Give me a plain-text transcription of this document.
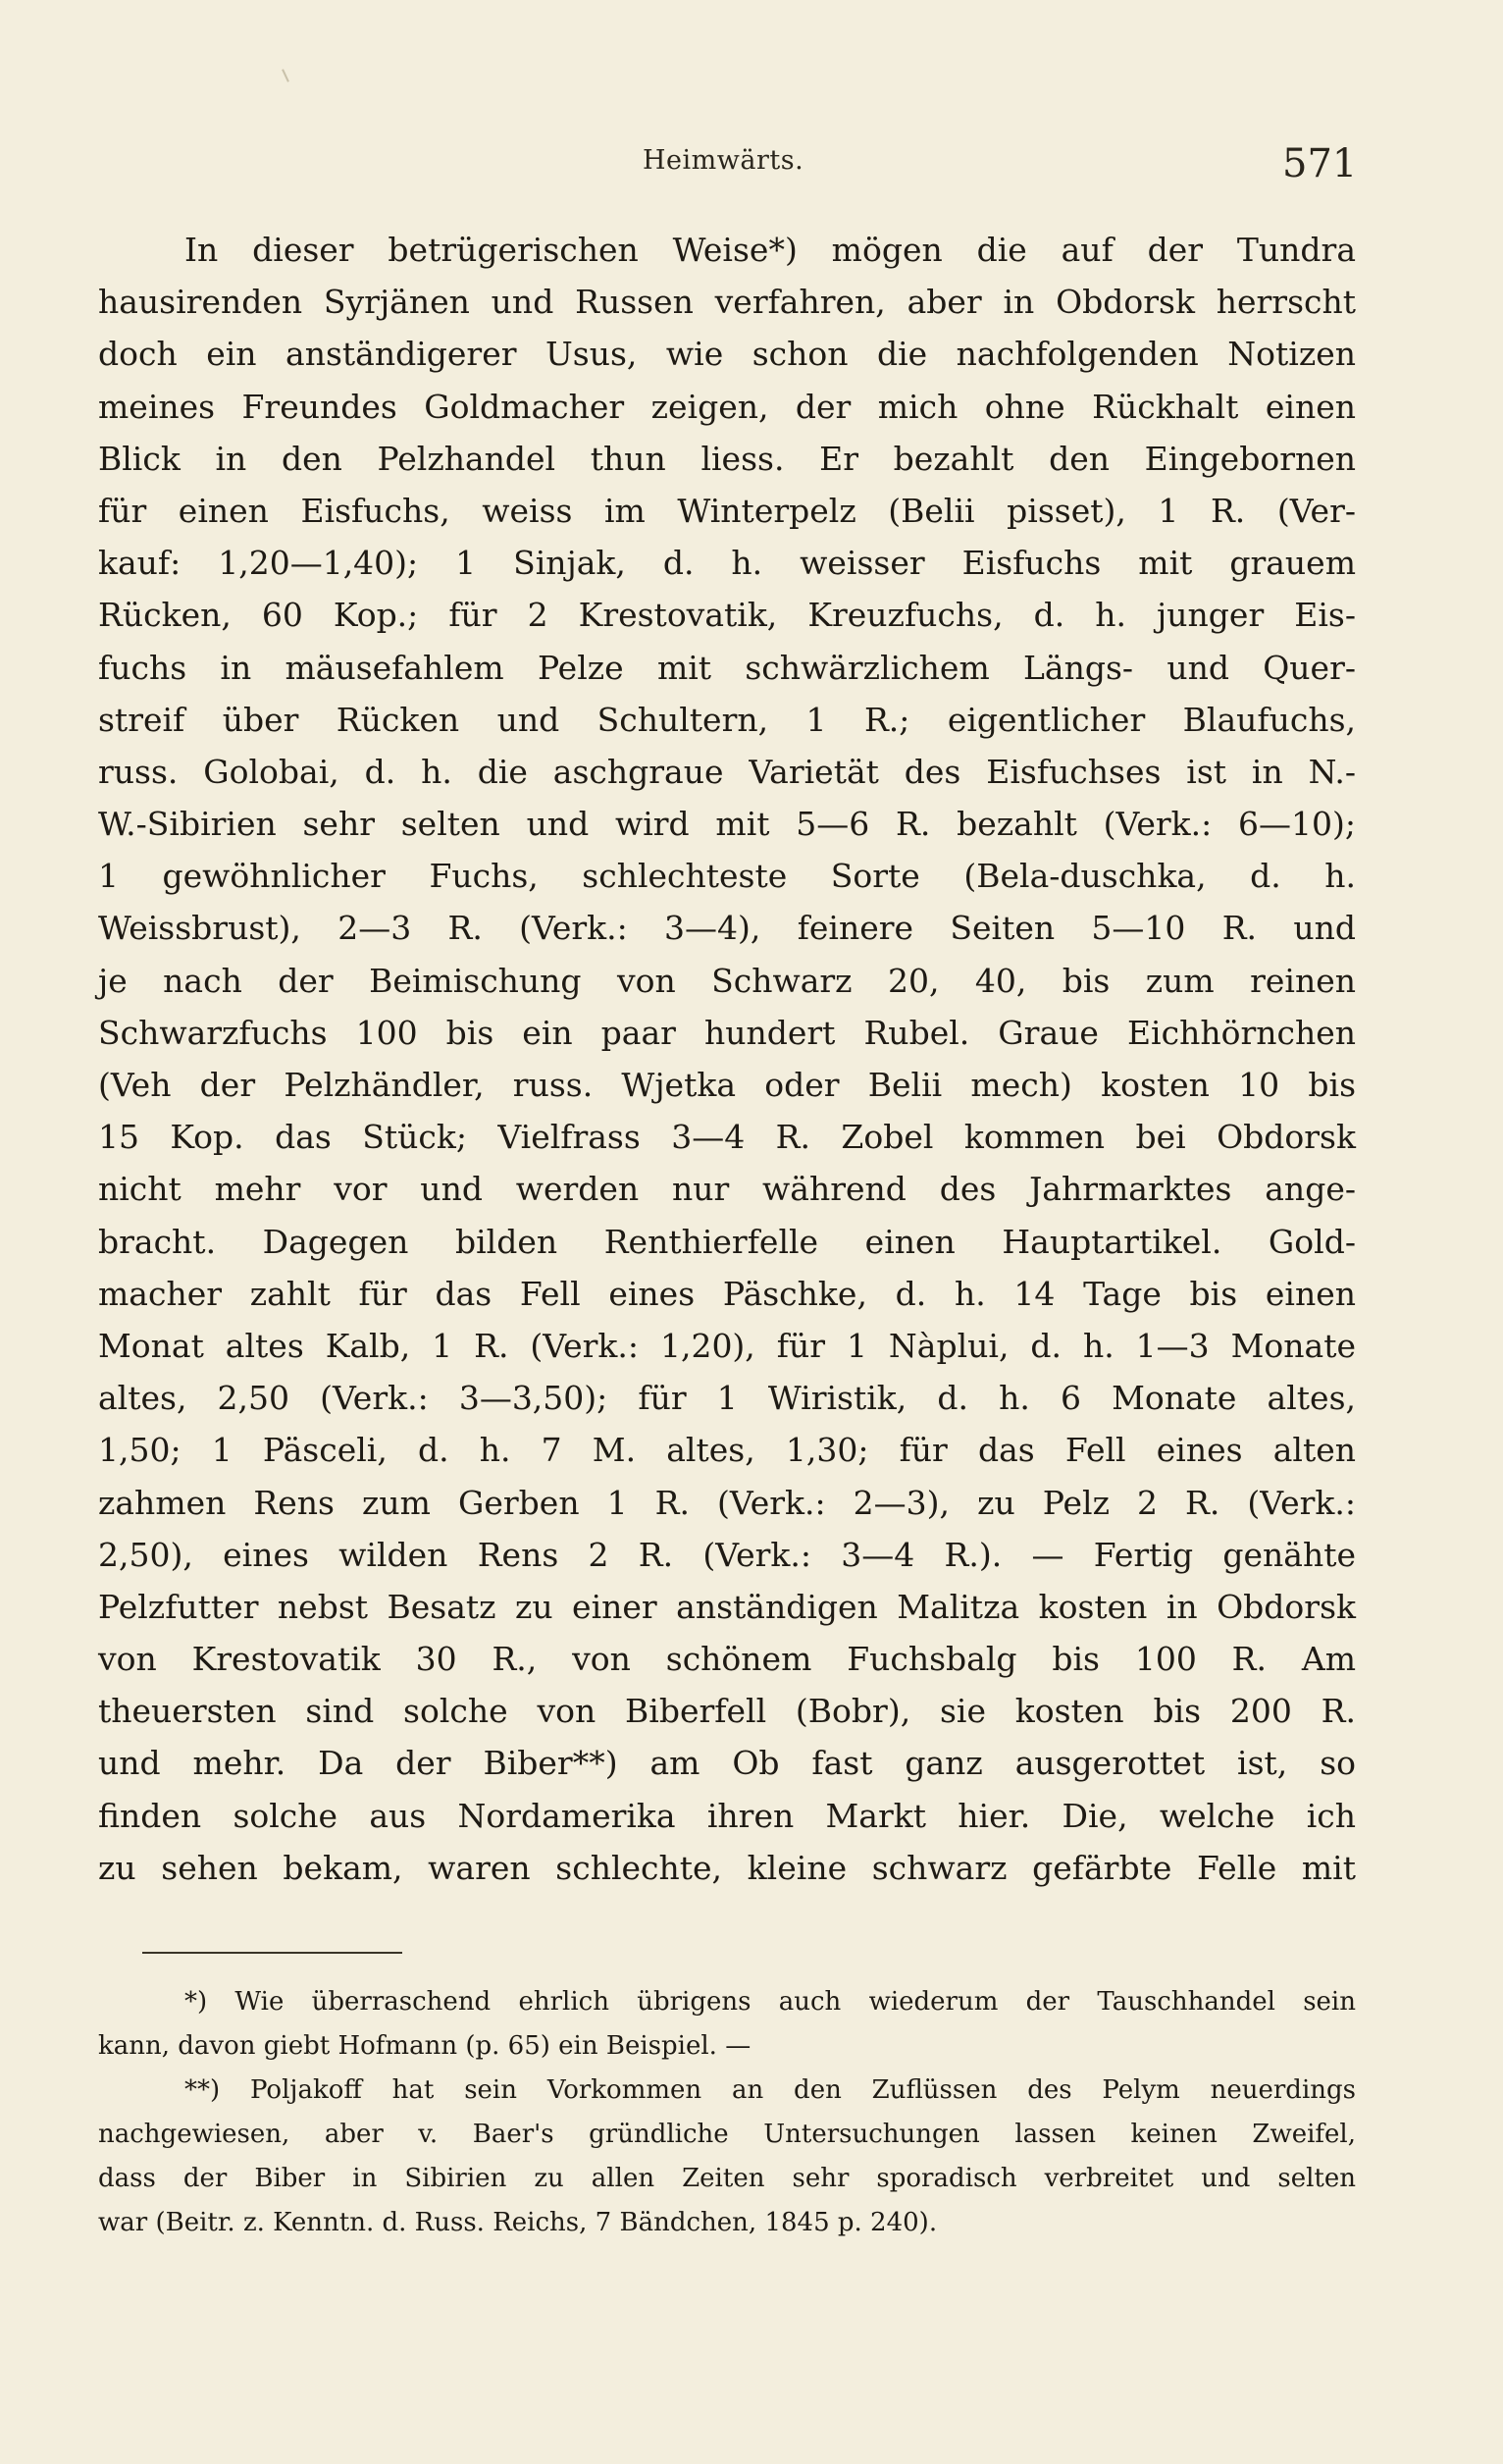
Heimwärts.	571
In dieser betrügerischen Weise*) mögen die auf der Tundra
hausirenden Syrjänen und Russen verfahren, aber in Obdorsk herrscht
doch ein anständigerer Usus, wie schon die nachfolgenden Notizen
meines Freundes Goldmacher zeigen, der mich ohne Rückhalt einen
Blick in den Pelzhandel thun liess. Er bezahlt den Eingebornen
für einen Eisfuchs, weiss im Winterpelz (Belii pisset), 1 R. (Ver-
kauf: 1,20—1,40); 1 Sinjak, d. h. weisser Eisfuchs mit grauem
Rücken, 60 Kop.; für 2 Krestovatik, Kreuzfuchs, d. h. junger Eis-
fuchs in mäusefahlem Pelze mit schwärzlichem Längs- und Quer-
streif über Rücken und Schultern, 1 R.; eigentlicher Blaufuchs,
russ. Golobai, d. h. die aschgraue Varietät des Eisfuchses ist in N.-
W.-Sibirien sehr selten und wird mit 5—6 R. bezahlt (Verk.: 6—10);
1 gewöhnlicher Fuchs, schlechteste Sorte (Bela-duschka, d. h.
Weissbrust), 2—3 R. (Verk.: 3—4), feinere Seiten 5—10 R. und
je nach der Beimischung von Schwarz 20, 40, bis zum reinen
Schwarzfuchs 100 bis ein paar hundert Rubel. Graue Eichhörnchen
(Veh der Pelzhändler, russ. Wjetka oder Belii mech) kosten 10 bis
15 Kop. das Stück; Vielfrass 3—4 R. Zobel kommen bei Obdorsk
nicht mehr vor und werden nur während des Jahrmarktes ange-
bracht. Dagegen bilden Renthierfelle einen Hauptartikel. Gold-
macher zahlt für das Fell eines Päschke, d. h. 14 Tage bis einen
Monat altes Kalb, 1 R. (Verk.: 1,20), für 1 Nàplui, d. h. 1—3 Monate
altes, 2,50 (Verk.: 3—3,50); für 1 Wiristik, d. h. 6 Monate altes,
1,50; 1 Päsceli, d. h. 7 M. altes, 1,30; für das Fell eines alten
zahmen Rens zum Gerben 1 R. (Verk.: 2—3), zu Pelz 2 R. (Verk.:
2,50), eines wilden Rens 2 R. (Verk.: 3—4 R.). — Fertig genähte
Pelzfutter nebst Besatz zu einer anständigen Malitza kosten in Obdorsk
von Krestovatik 30 R., von schönem Fuchsbalg bis 100 R. Am
theuersten sind solche von Biberfell (Bobr), sie kosten bis 200 R.
und mehr. Da der Biber**) am Ob fast ganz ausgerottet ist, so
finden solche aus Nordamerika ihren Markt hier. Die, welche ich
zu sehen bekam, waren schlechte, kleine schwarz gefärbte Felle mit
*) Wie überraschend ehrlich übrigens auch wiederum der Tauschhandel sein
kann, davon giebt Hofmann (p. 65) ein Beispiel. —
**) Poljakoff hat sein Vorkommen an den Zuflüssen des Pelym neuerdings
nachgewiesen, aber v. Baer's gründliche Untersuchungen lassen keinen Zweifel,
dass der Biber in Sibirien zu allen Zeiten sehr sporadisch verbreitet und selten
war (Beitr. z. Kenntn. d. Russ. Reichs, 7 Bändchen, 1845 p. 240).
